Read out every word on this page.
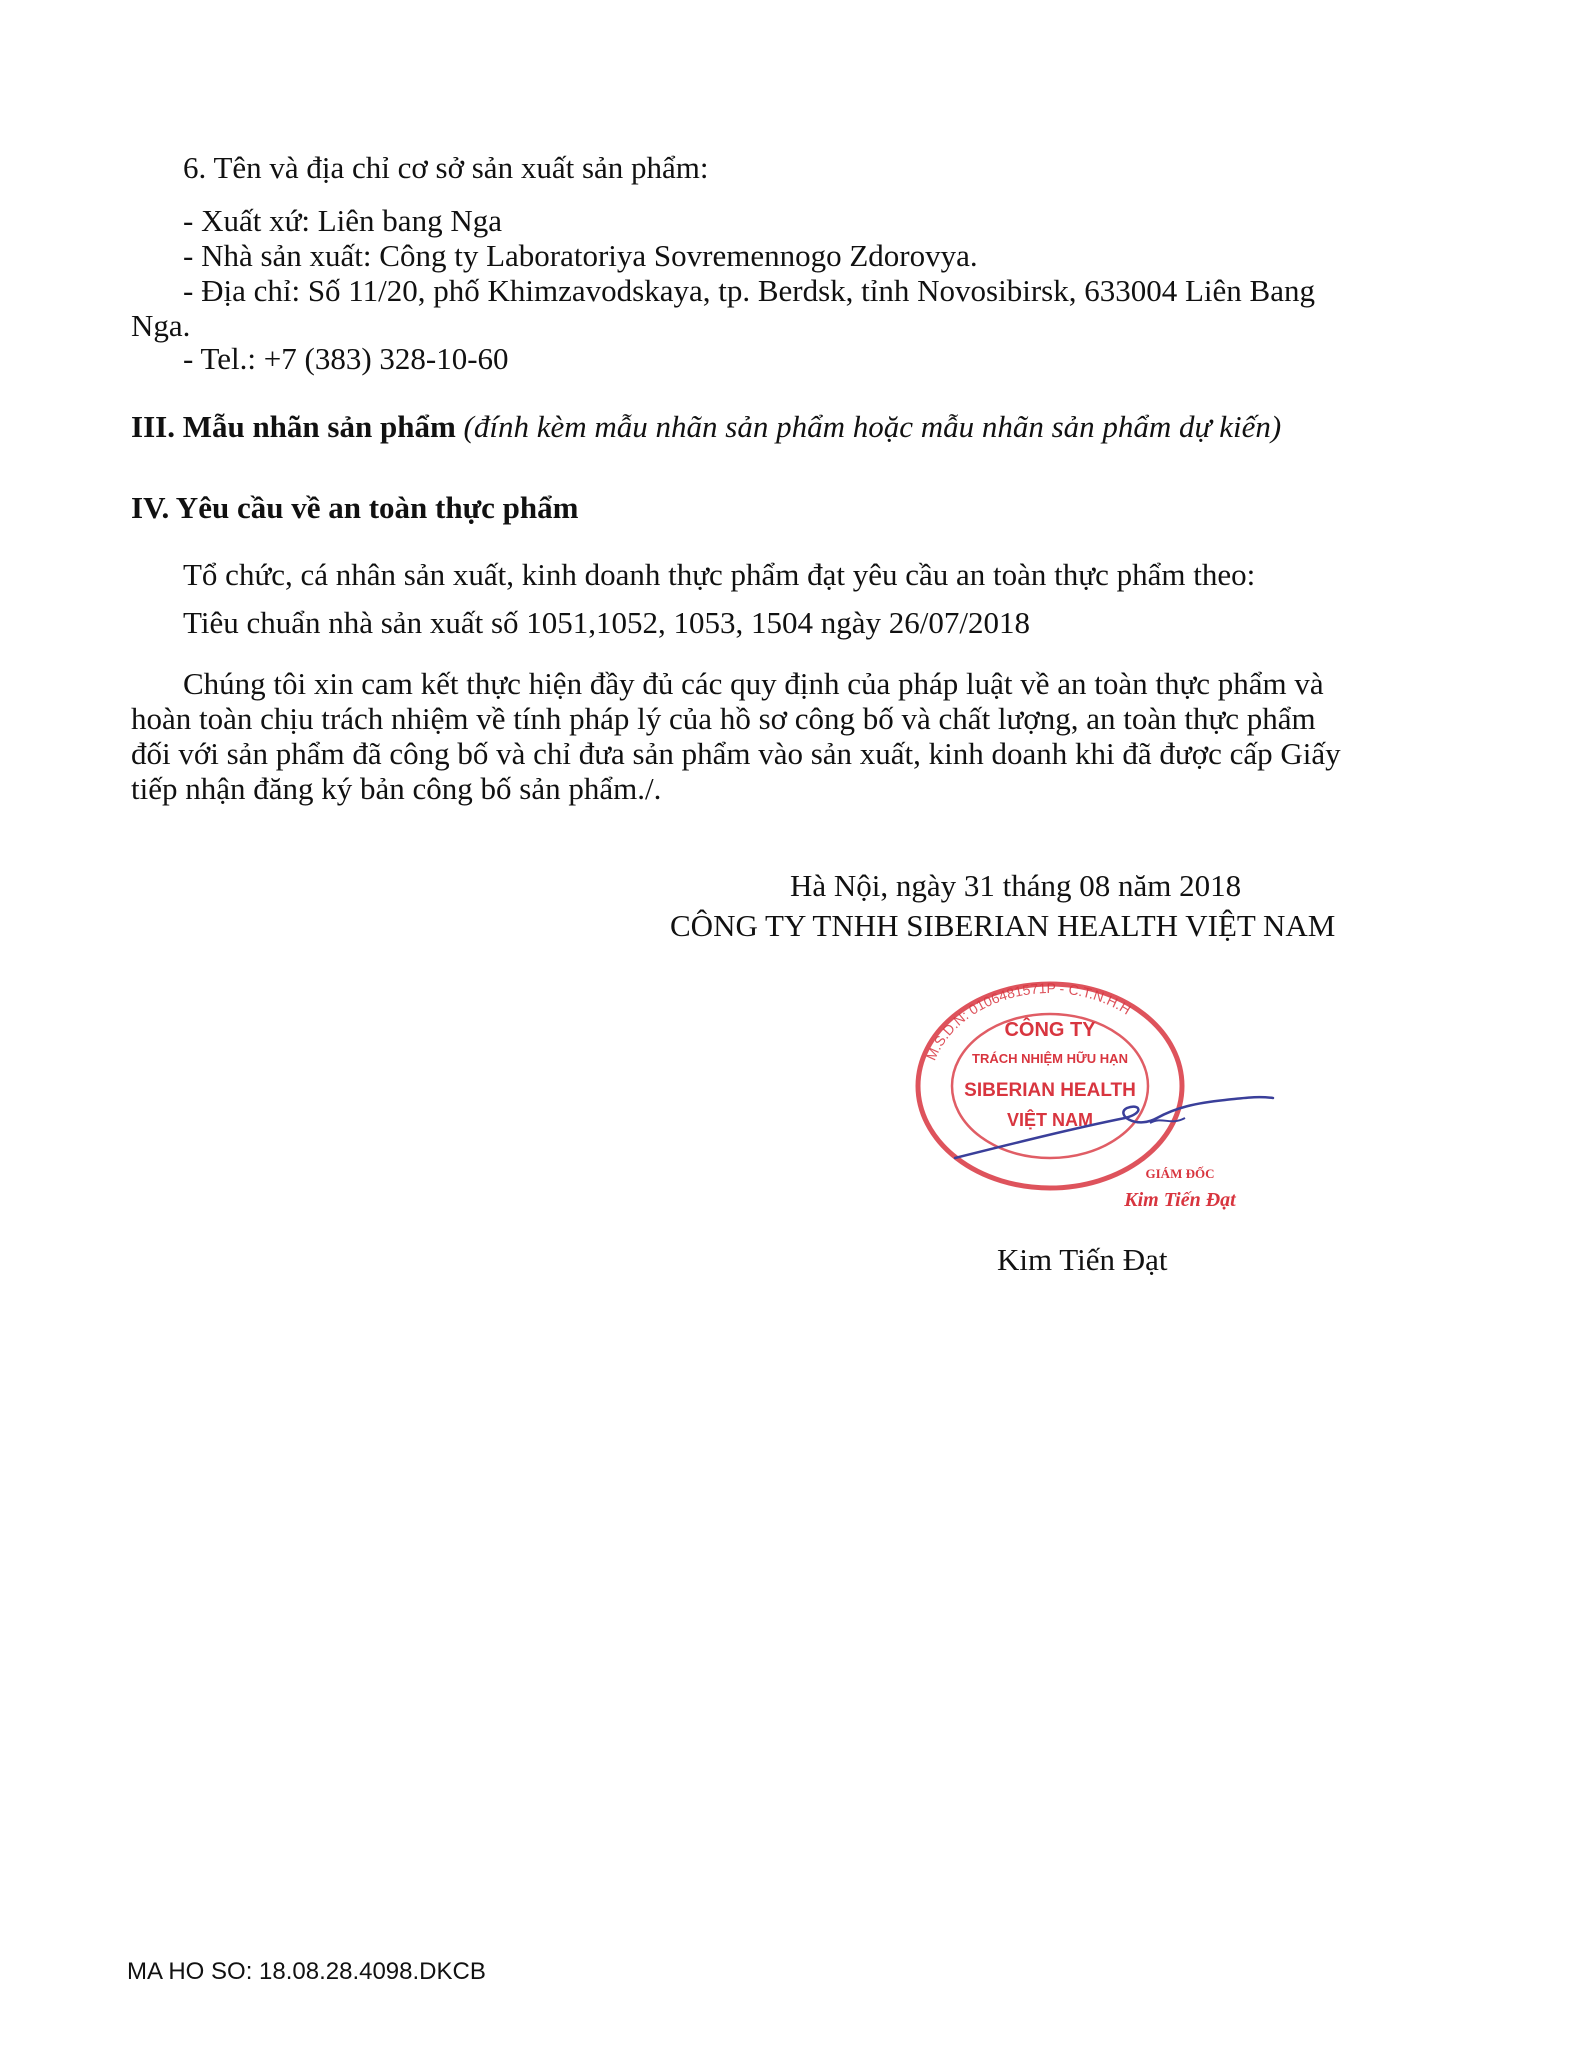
6. Tên và địa chỉ cơ sở sản xuất sản phẩm:
- Xuất xứ: Liên bang Nga
- Nhà sản xuất: Công ty Laboratoriya Sovremennogo Zdorovya.
- Địa chỉ: Số 11/20, phố Khimzavodskaya, tp. Berdsk, tỉnh Novosibirsk, 633004 Liên Bang
Nga.
- Tel.: +7 (383) 328-10-60
III. Mẫu nhãn sản phẩm (đính kèm mẫu nhãn sản phẩm hoặc mẫu nhãn sản phẩm dự kiến)
IV. Yêu cầu về an toàn thực phẩm
Tổ chức, cá nhân sản xuất, kinh doanh thực phẩm đạt yêu cầu an toàn thực phẩm theo:
Tiêu chuẩn nhà sản xuất số 1051,1052, 1053, 1504 ngày 26/07/2018
Chúng tôi xin cam kết thực hiện đầy đủ các quy định của pháp luật về an toàn thực phẩm và
hoàn toàn chịu trách nhiệm về tính pháp lý của hồ sơ công bố và chất lượng, an toàn thực phẩm
đối với sản phẩm đã công bố và chỉ đưa sản phẩm vào sản xuất, kinh doanh khi đã được cấp Giấy
tiếp nhận đăng ký bản công bố sản phẩm./.
Hà Nội, ngày 31 tháng 08 năm 2018
CÔNG TY TNHH SIBERIAN HEALTH VIỆT NAM
M.S.D.N: 0106481571P - C.T.N.H.H
CÔNG TY
TRÁCH NHIỆM HỮU HẠN
SIBERIAN HEALTH
VIỆT NAM
GIÁM ĐỐC
Kim Tiến Đạt
Kim Tiến Đạt
MA HO SO: 18.08.28.4098.DKCB
